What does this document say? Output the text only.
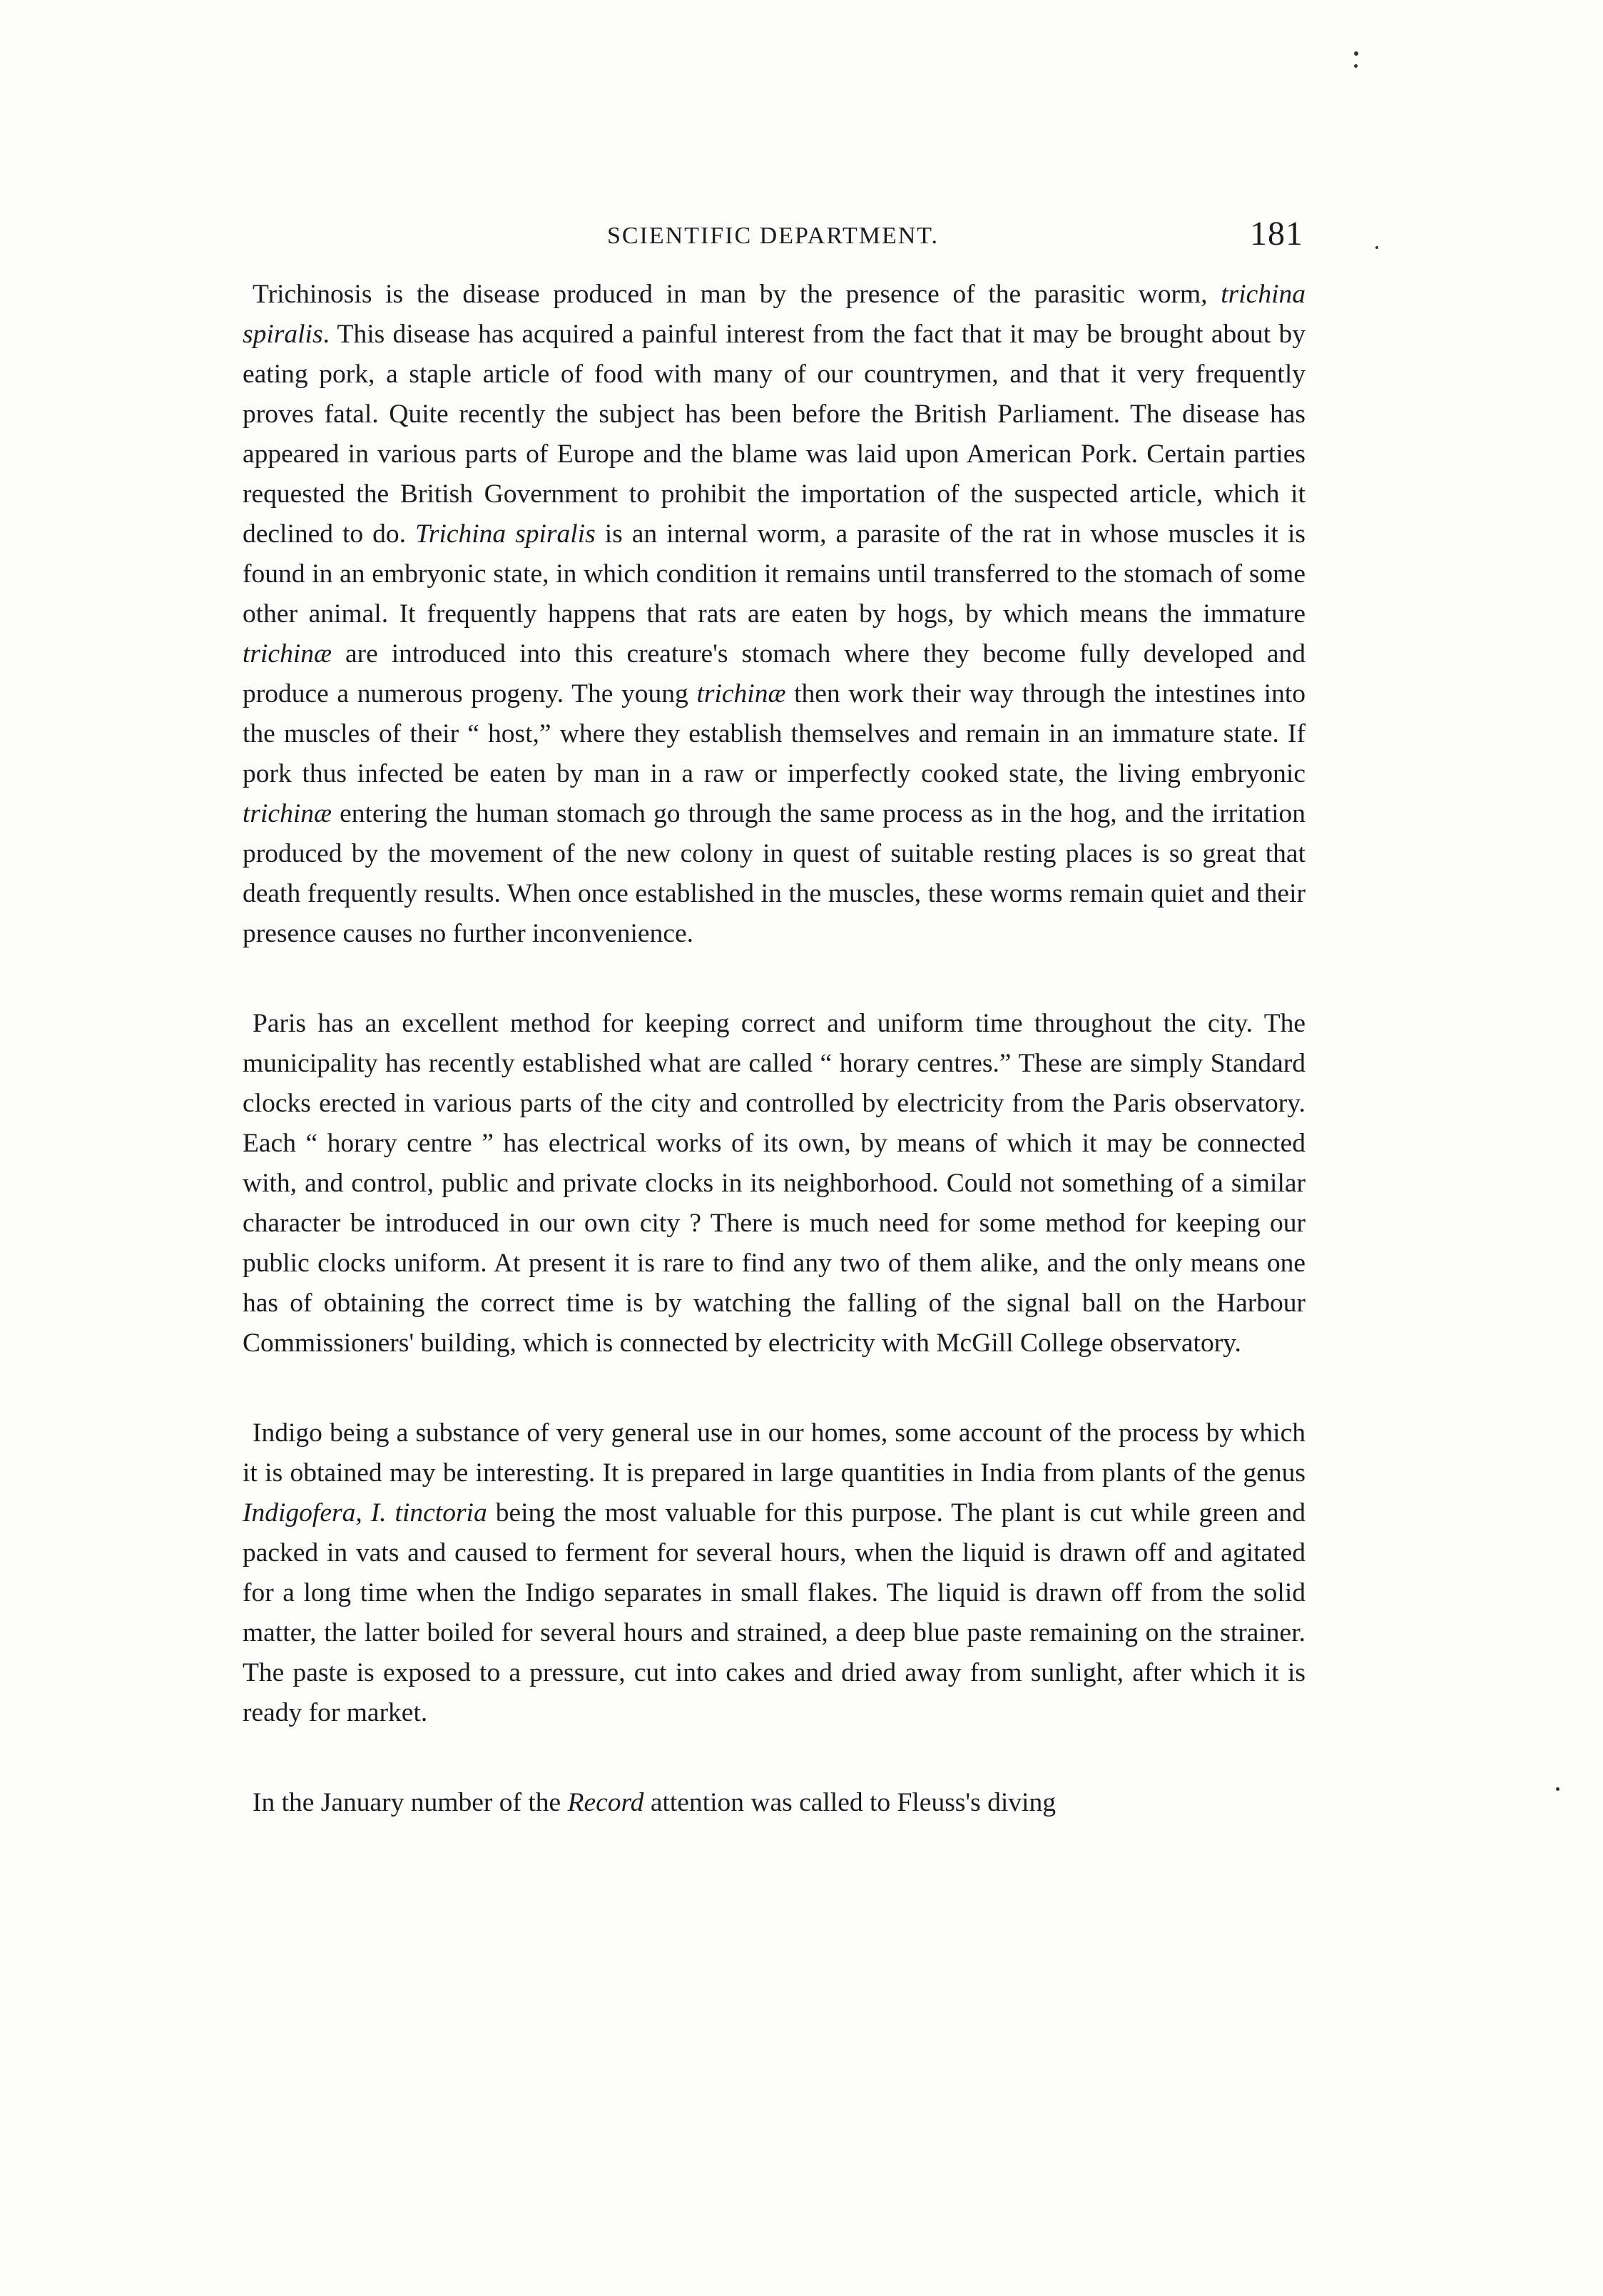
SCIENTIFIC DEPARTMENT.	181

Trichinosis is the disease produced in man by the presence of the parasitic worm, trichina spiralis. This disease has acquired a painful interest from the fact that it may be brought about by eating pork, a staple article of food with many of our countrymen, and that it very frequently proves fatal. Quite recently the subject has been before the British Parliament. The disease has appeared in various parts of Europe and the blame was laid upon American Pork. Certain parties requested the British Government to prohibit the importation of the suspected article, which it declined to do. Trichina spiralis is an internal worm, a parasite of the rat in whose muscles it is found in an embryonic state, in which condition it remains until transferred to the stomach of some other animal. It frequently happens that rats are eaten by hogs, by which means the immature trichinæ are introduced into this creature's stomach where they become fully developed and produce a numerous progeny. The young trichinæ then work their way through the intestines into the muscles of their “ host,” where they establish themselves and remain in an immature state. If pork thus infected be eaten by man in a raw or imperfectly cooked state, the living embryonic trichinæ entering the human stomach go through the same process as in the hog, and the irritation produced by the movement of the new colony in quest of suitable resting places is so great that death frequently results. When once established in the muscles, these worms remain quiet and their presence causes no further inconvenience.

Paris has an excellent method for keeping correct and uniform time throughout the city. The municipality has recently established what are called “ horary centres.” These are simply Standard clocks erected in various parts of the city and controlled by electricity from the Paris observatory. Each “ horary centre ” has electrical works of its own, by means of which it may be connected with, and control, public and private clocks in its neighborhood. Could not something of a similar character be introduced in our own city ? There is much need for some method for keeping our public clocks uniform. At present it is rare to find any two of them alike, and the only means one has of obtaining the correct time is by watching the falling of the signal ball on the Harbour Commissioners' building, which is connected by electricity with McGill College observatory.

Indigo being a substance of very general use in our homes, some account of the process by which it is obtained may be interesting. It is prepared in large quantities in India from plants of the genus Indigofera, I. tinctoria being the most valuable for this purpose. The plant is cut while green and packed in vats and caused to ferment for several hours, when the liquid is drawn off and agitated for a long time when the Indigo separates in small flakes. The liquid is drawn off from the solid matter, the latter boiled for several hours and strained, a deep blue paste remaining on the strainer. The paste is exposed to a pressure, cut into cakes and dried away from sunlight, after which it is ready for market.

In the January number of the Record attention was called to Fleuss's diving
